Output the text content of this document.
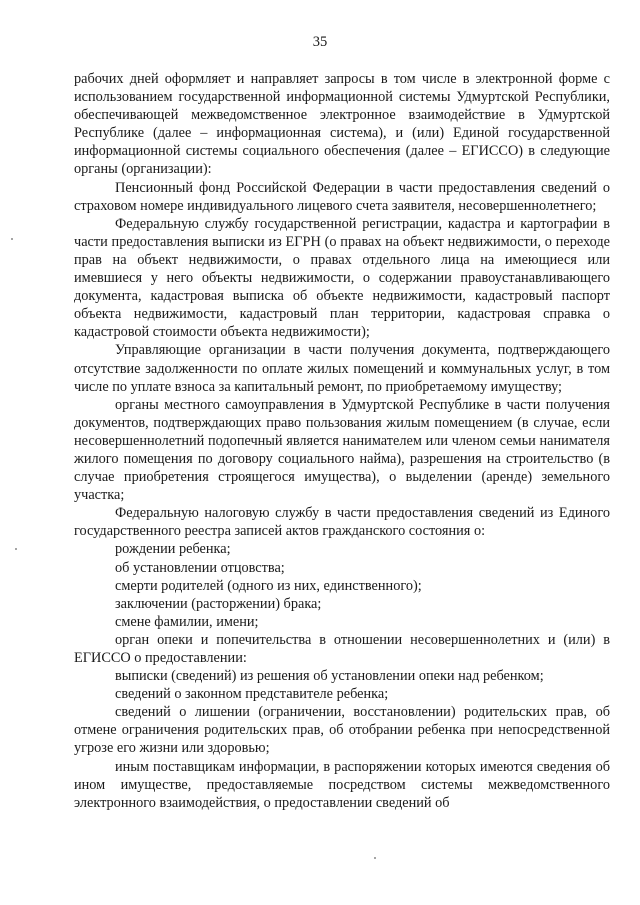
35

рабочих дней оформляет и направляет запросы в том числе в электронной форме с использованием государственной информационной системы Удмуртской Республики, обеспечивающей межведомственное электронное взаимодействие в Удмуртской Республике (далее – информационная система), и (или) Единой государственной информационной системы социального обеспечения (далее – ЕГИССО) в следующие органы (организации):

Пенсионный фонд Российской Федерации в части предоставления сведений о страховом номере индивидуального лицевого счета заявителя, несовершеннолетнего;

Федеральную службу государственной регистрации, кадастра и картографии в части предоставления выписки из ЕГРН (о правах на объект недвижимости, о переходе прав на объект недвижимости, о правах отдельного лица на имеющиеся или имевшиеся у него объекты недвижимости, о содержании правоустанавливающего документа, кадастровая выписка об объекте недвижимости, кадастровый паспорт объекта недвижимости, кадастровый план территории, кадастровая справка о кадастровой стоимости объекта недвижимости);

Управляющие организации в части получения документа, подтверждающего отсутствие задолженности по оплате жилых помещений и коммунальных услуг, в том числе по уплате взноса за капитальный ремонт, по приобретаемому имуществу;

органы местного самоуправления в Удмуртской Республике в части получения документов, подтверждающих право пользования жилым помещением (в случае, если несовершеннолетний подопечный является нанимателем или членом семьи нанимателя жилого помещения по договору социального найма), разрешения на строительство (в случае приобретения строящегося имущества), о выделении (аренде) земельного участка;

Федеральную налоговую службу в части предоставления сведений из Единого государственного реестра записей актов гражданского состояния о:

рождении ребенка;

об установлении отцовства;

смерти родителей (одного из них, единственного);

заключении (расторжении) брака;

смене фамилии, имени;

орган опеки и попечительства в отношении несовершеннолетних и (или) в ЕГИССО о предоставлении:

выписки (сведений) из решения об установлении опеки над ребенком;

сведений о законном представителе ребенка;

сведений о лишении (ограничении, восстановлении) родительских прав, об отмене ограничения родительских прав, об отобрании ребенка при непосредственной угрозе его жизни или здоровью;

иным поставщикам информации, в распоряжении которых имеются сведения об ином имуществе, предоставляемые посредством системы межведомственного электронного взаимодействия, о предоставлении сведений об
